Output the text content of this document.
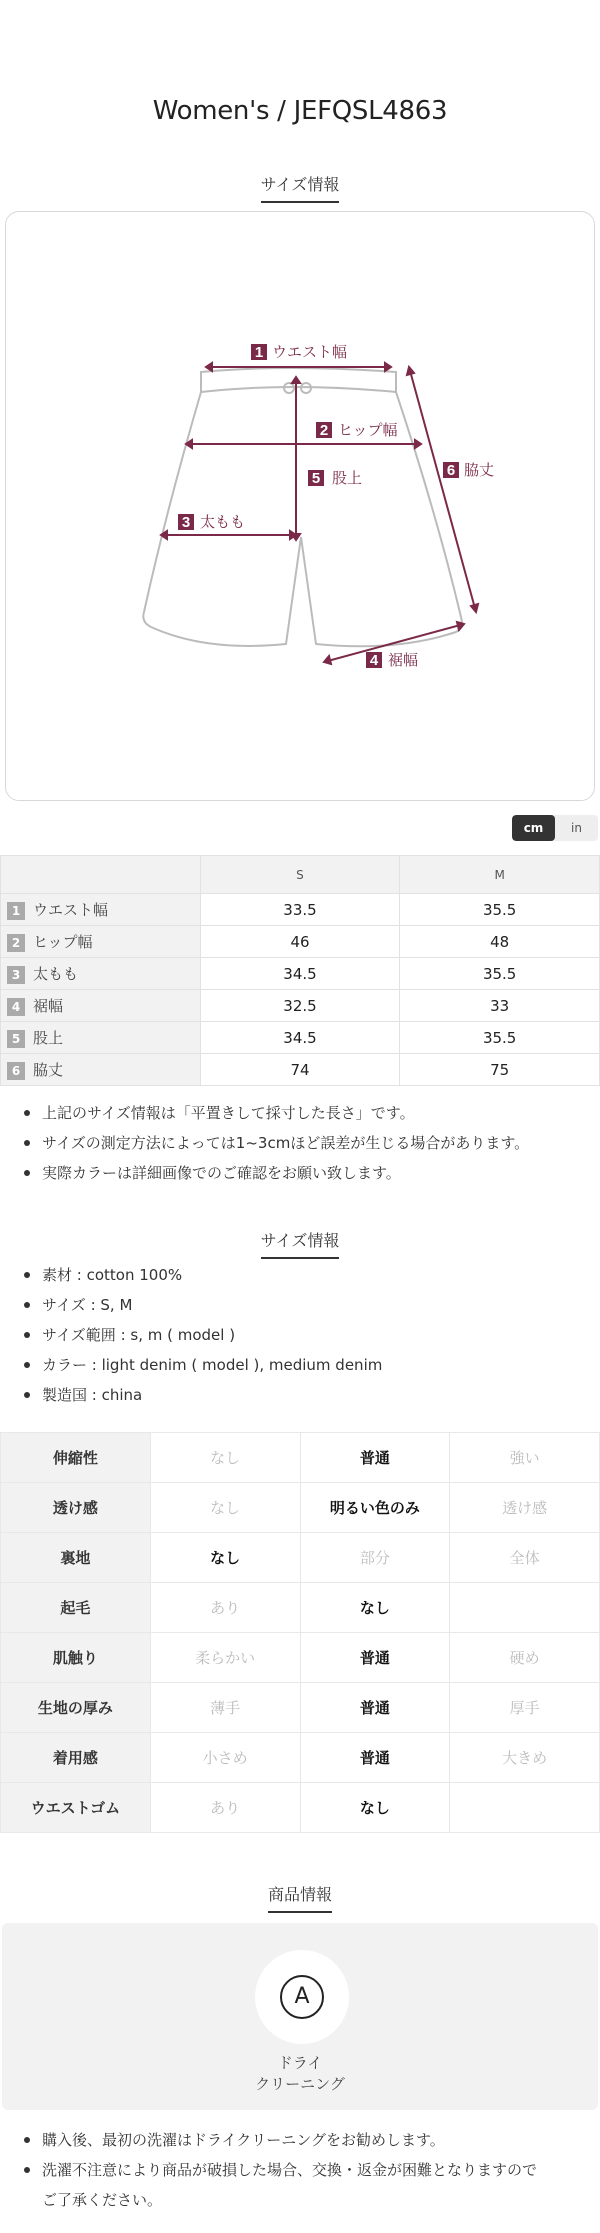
Women's / JEFQSL4863
サイズ情報
1 ウエスト幅
2 ヒップ幅
3 太もも
4 裾幅
5 股上	6 脇丈
cm	in
	S	M
1 ウエスト幅	33.5	35.5
2 ヒップ幅	46	48
3 太もも	34.5	35.5
4 裾幅	32.5	33
5 股上	34.5	35.5
6 脇丈	74	75
上記のサイズ情報は「平置きして採寸した長さ」です。
サイズの測定方法によっては1~3cmほど誤差が生じる場合があります。
実際カラーは詳細画像でのご確認をお願い致します。
サイズ情報
素材 : cotton 100%
サイズ : S, M
サイズ範囲 : s, m ( model )
カラー : light denim ( model ), medium denim
製造国 : china
伸縮性	なし	普通	強い
透け感	なし	明るい色のみ	透け感
裏地	なし	部分	全体
起毛	あり	なし	
肌触り	柔らかい	普通	硬め
生地の厚み	薄手	普通	厚手
着用感	小さめ	普通	大きめ
ウエストゴム	あり	なし	
商品情報
A
ドライ
クリーニング
購入後、最初の洗濯はドライクリーニングをお勧めします。
洗濯不注意により商品が破損した場合、交換・返金が困難となりますので
ご了承ください。
